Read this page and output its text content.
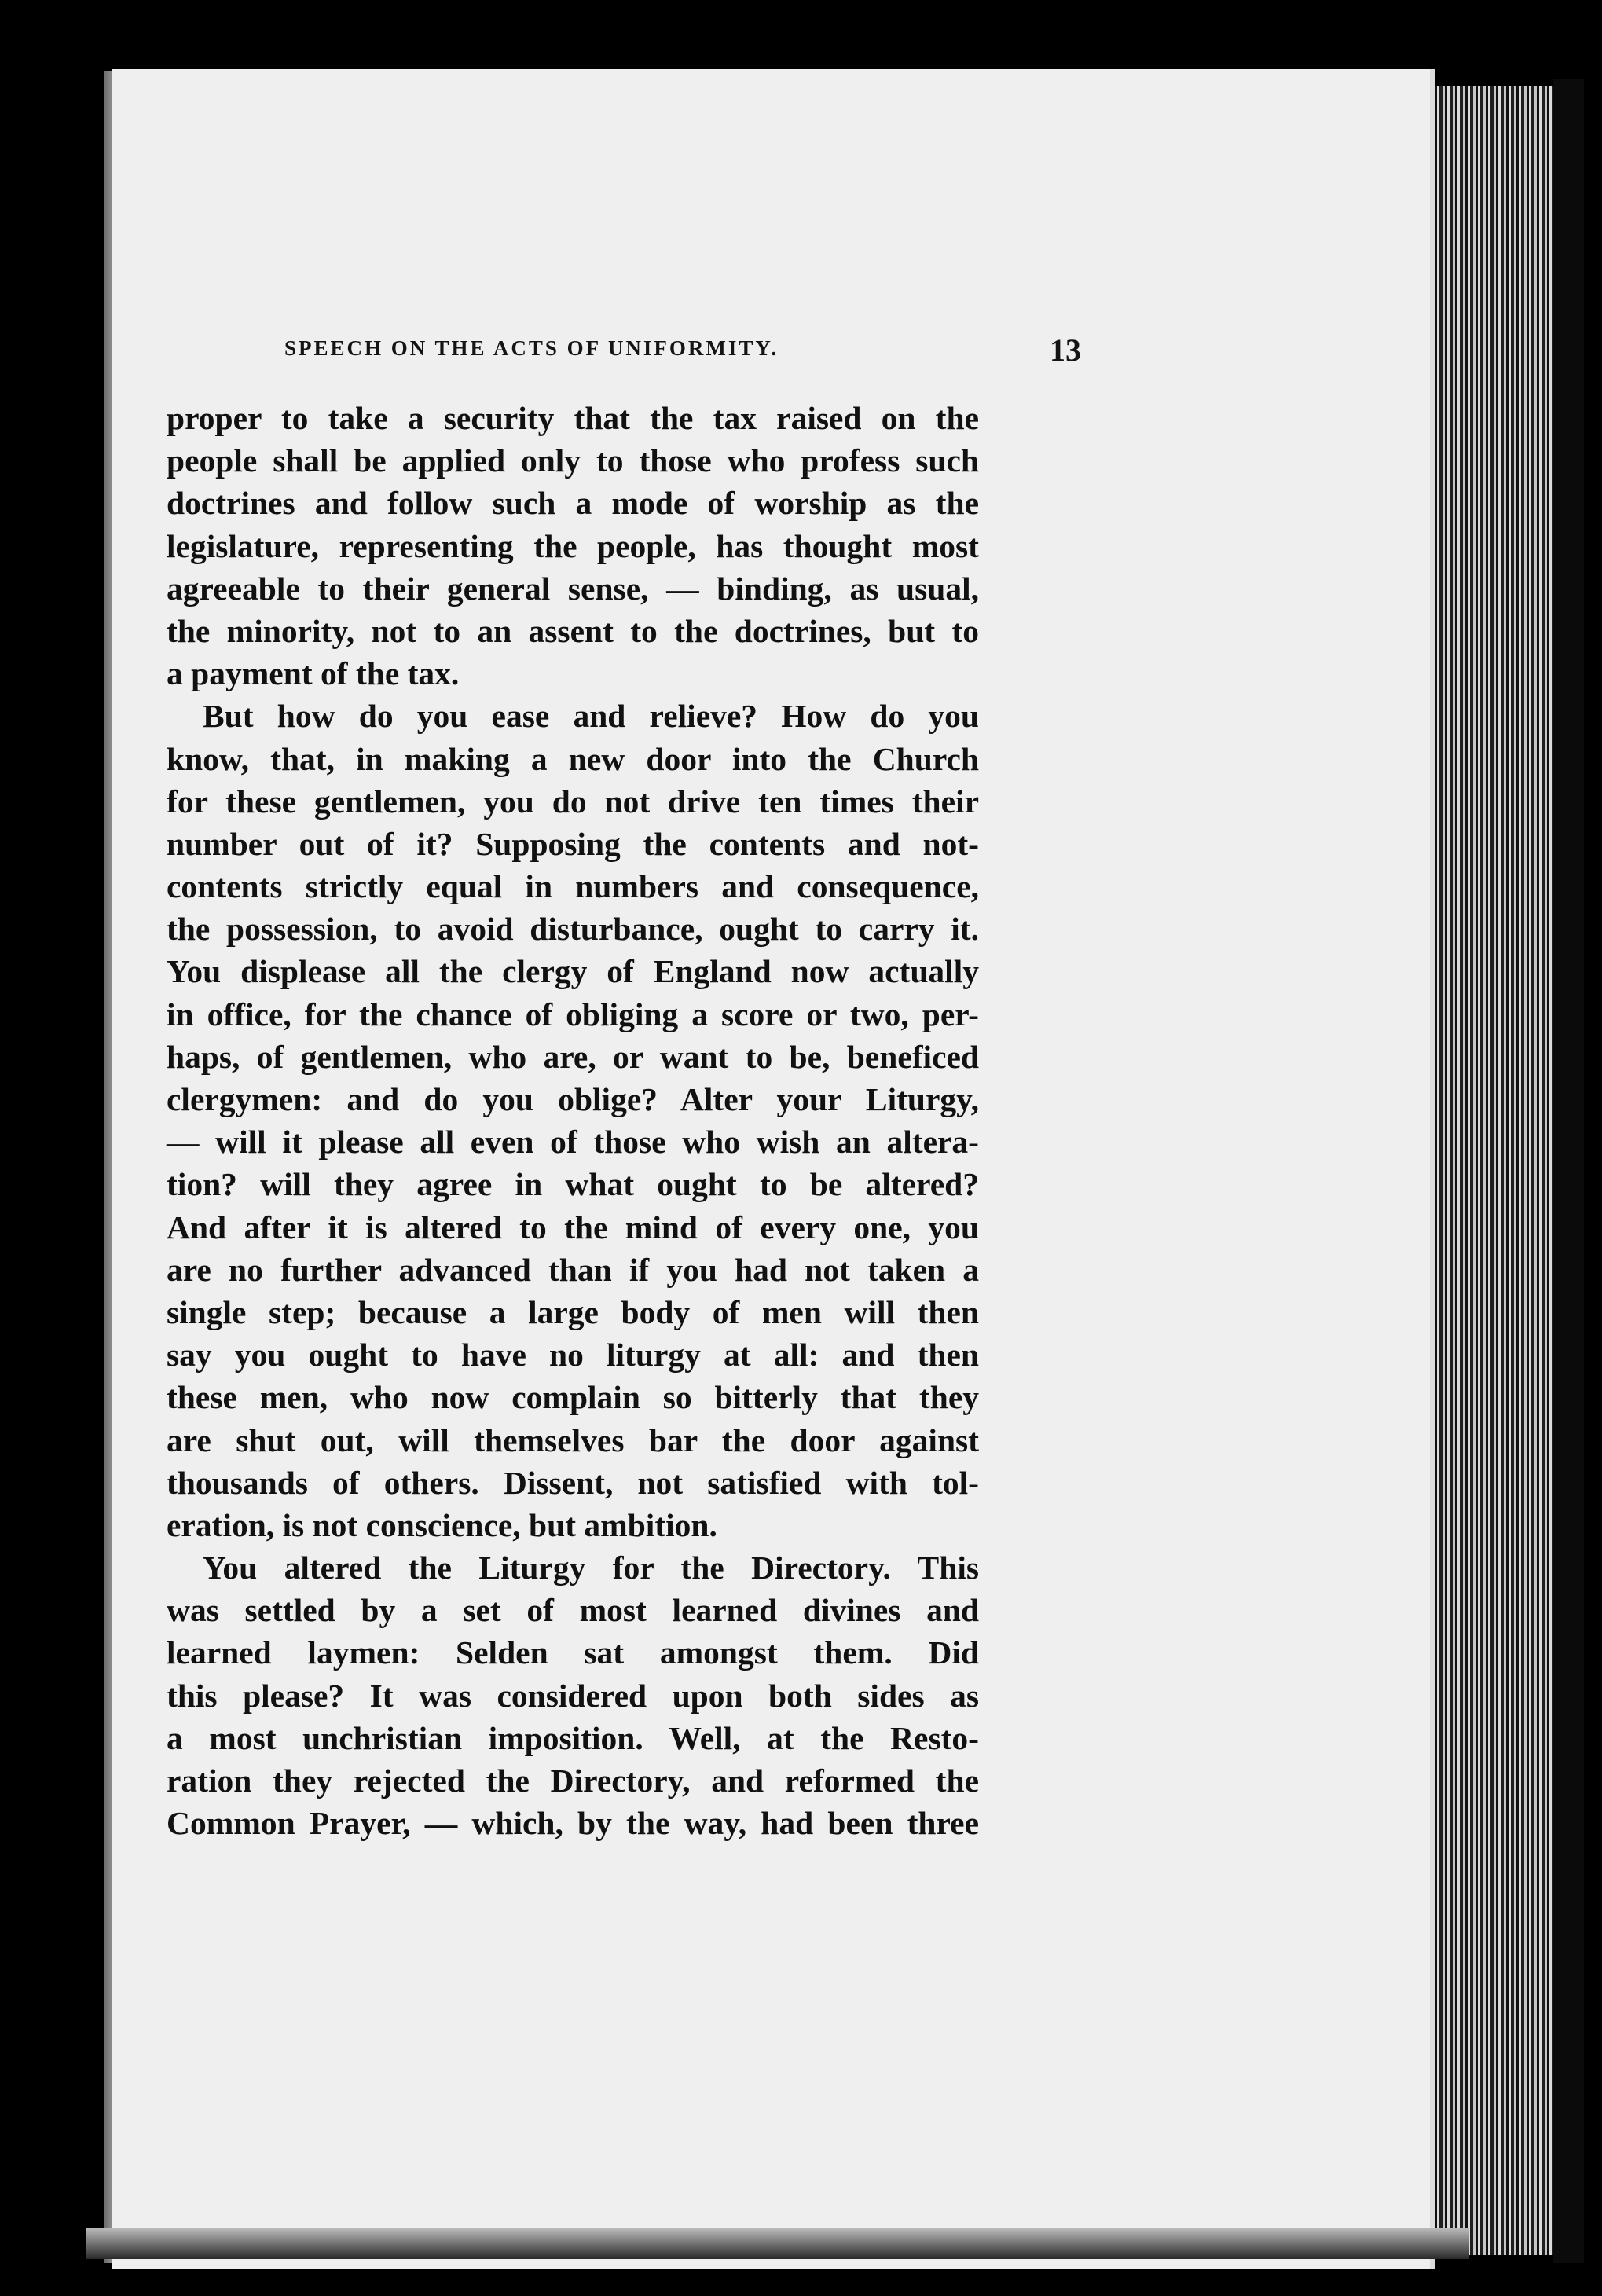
SPEECH ON THE ACTS OF UNIFORMITY.	13
proper to take a security that the tax raised on the
people shall be applied only to those who profess such
doctrines and follow such a mode of worship as the
legislature, representing the people, has thought most
agreeable to their general sense, — binding, as usual,
the minority, not to an assent to the doctrines, but to
a payment of the tax.
But how do you ease and relieve? How do you
know, that, in making a new door into the Church
for these gentlemen, you do not drive ten times their
number out of it? Supposing the contents and not-
contents strictly equal in numbers and consequence,
the possession, to avoid disturbance, ought to carry it.
You displease all the clergy of England now actually
in office, for the chance of obliging a score or two, per-
haps, of gentlemen, who are, or want to be, beneficed
clergymen: and do you oblige? Alter your Liturgy,
— will it please all even of those who wish an altera-
tion? will they agree in what ought to be altered?
And after it is altered to the mind of every one, you
are no further advanced than if you had not taken a
single step; because a large body of men will then
say you ought to have no liturgy at all: and then
these men, who now complain so bitterly that they
are shut out, will themselves bar the door against
thousands of others. Dissent, not satisfied with tol-
eration, is not conscience, but ambition.
You altered the Liturgy for the Directory. This
was settled by a set of most learned divines and
learned laymen: Selden sat amongst them. Did
this please? It was considered upon both sides as
a most unchristian imposition. Well, at the Resto-
ration they rejected the Directory, and reformed the
Common Prayer, — which, by the way, had been three
